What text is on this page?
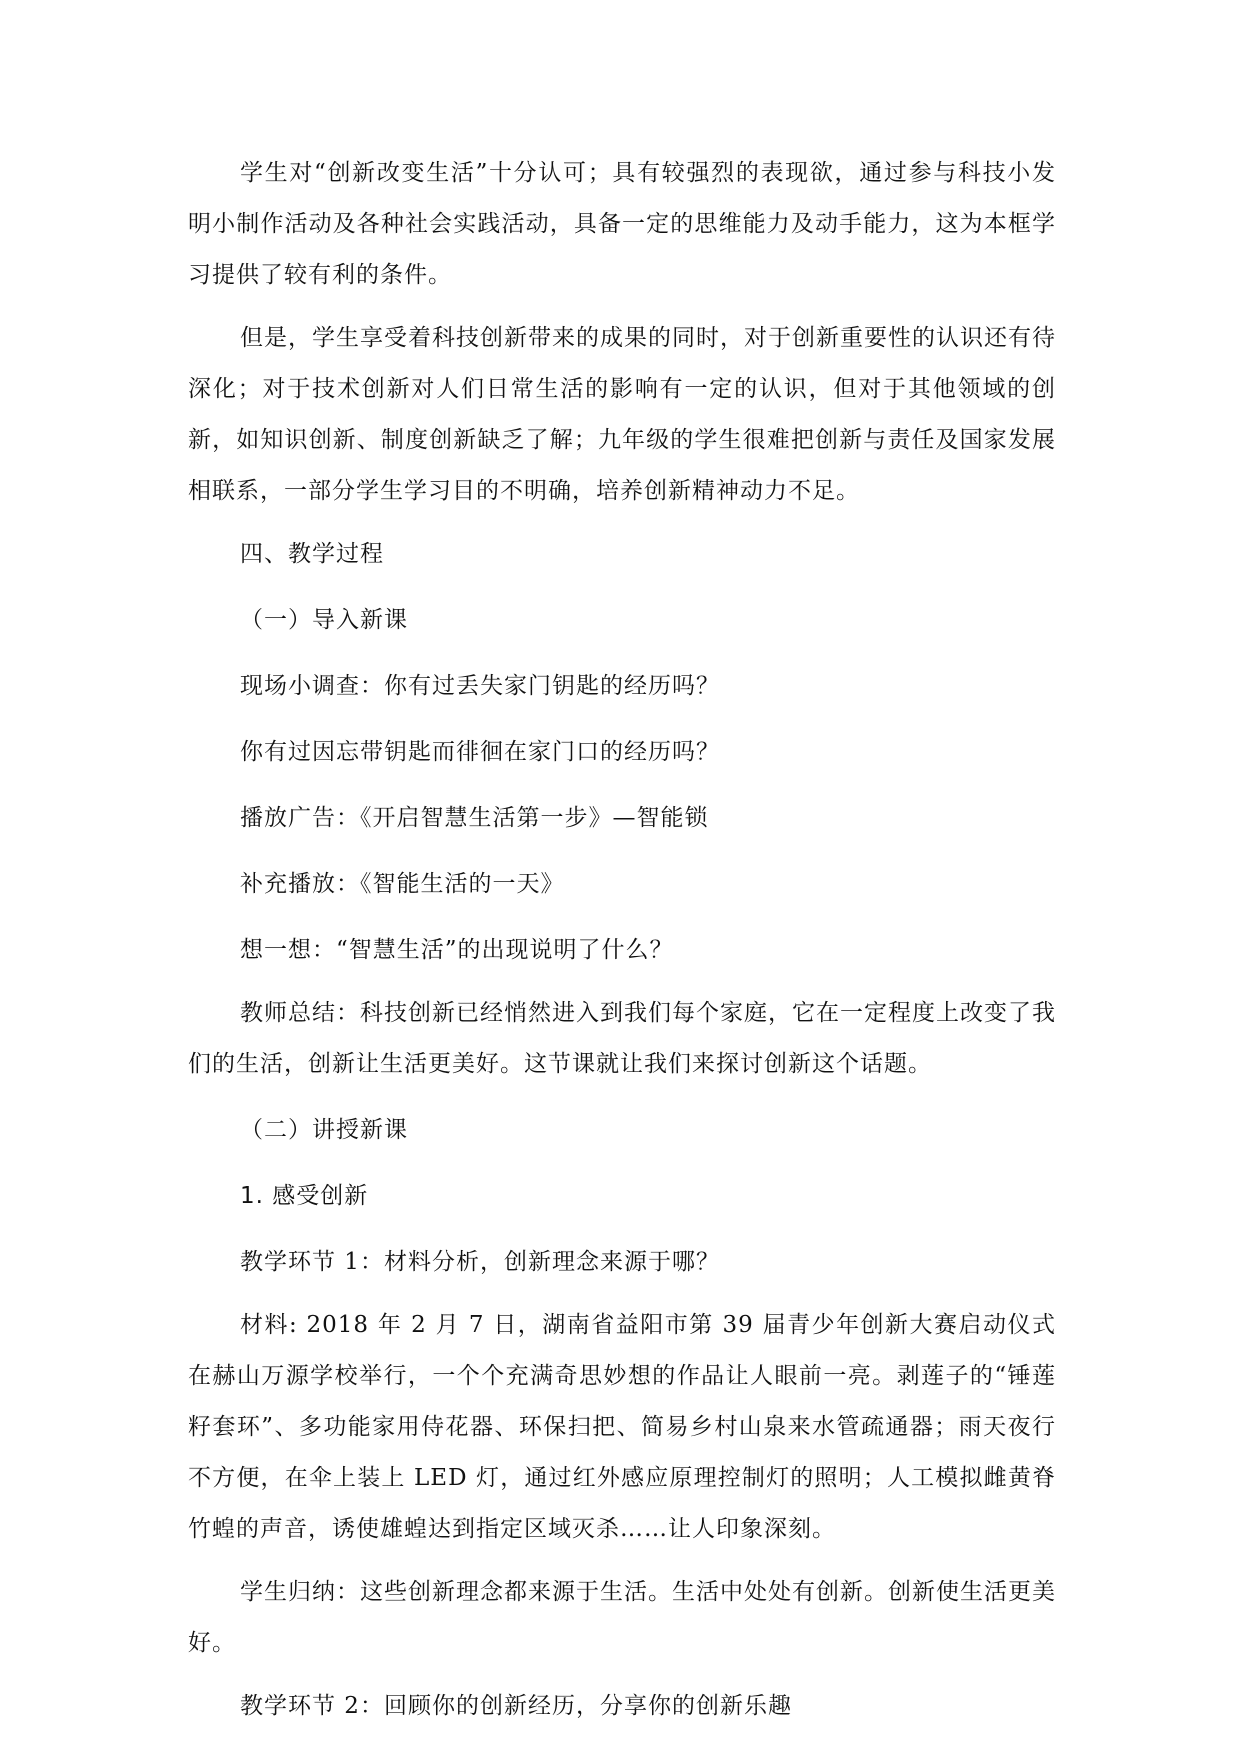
学生对“创新改变生活”十分认可；具有较强烈的表现欲，通过参与科技小发明小制作活动及各种社会实践活动，具备一定的思维能力及动手能力，这为本框学习提供了较有利的条件。

但是，学生享受着科技创新带来的成果的同时，对于创新重要性的认识还有待深化；对于技术创新对人们日常生活的影响有一定的认识，但对于其他领域的创新，如知识创新、制度创新缺乏了解；九年级的学生很难把创新与责任及国家发展相联系，一部分学生学习目的不明确，培养创新精神动力不足。

四、教学过程

（一）导入新课

现场小调查：你有过丢失家门钥匙的经历吗？

你有过因忘带钥匙而徘徊在家门口的经历吗？

播放广告：《开启智慧生活第一步》—智能锁

补充播放：《智能生活的一天》

想一想：“智慧生活”的出现说明了什么？

教师总结：科技创新已经悄然进入到我们每个家庭，它在一定程度上改变了我们的生活，创新让生活更美好。这节课就让我们来探讨创新这个话题。

（二）讲授新课

1. 感受创新

教学环节 1：材料分析，创新理念来源于哪？

材料: 2018 年 2 月 7 日，湖南省益阳市第 39 届青少年创新大赛启动仪式在赫山万源学校举行，一个个充满奇思妙想的作品让人眼前一亮。剥莲子的“锤莲籽套环”、多功能家用侍花器、环保扫把、简易乡村山泉来水管疏通器；雨天夜行不方便，在伞上装上 LED 灯，通过红外感应原理控制灯的照明；人工模拟雌黄脊竹蝗的声音，诱使雄蝗达到指定区域灭杀……让人印象深刻。

学生归纳：这些创新理念都来源于生活。生活中处处有创新。创新使生活更美好。

教学环节 2：回顾你的创新经历，分享你的创新乐趣
